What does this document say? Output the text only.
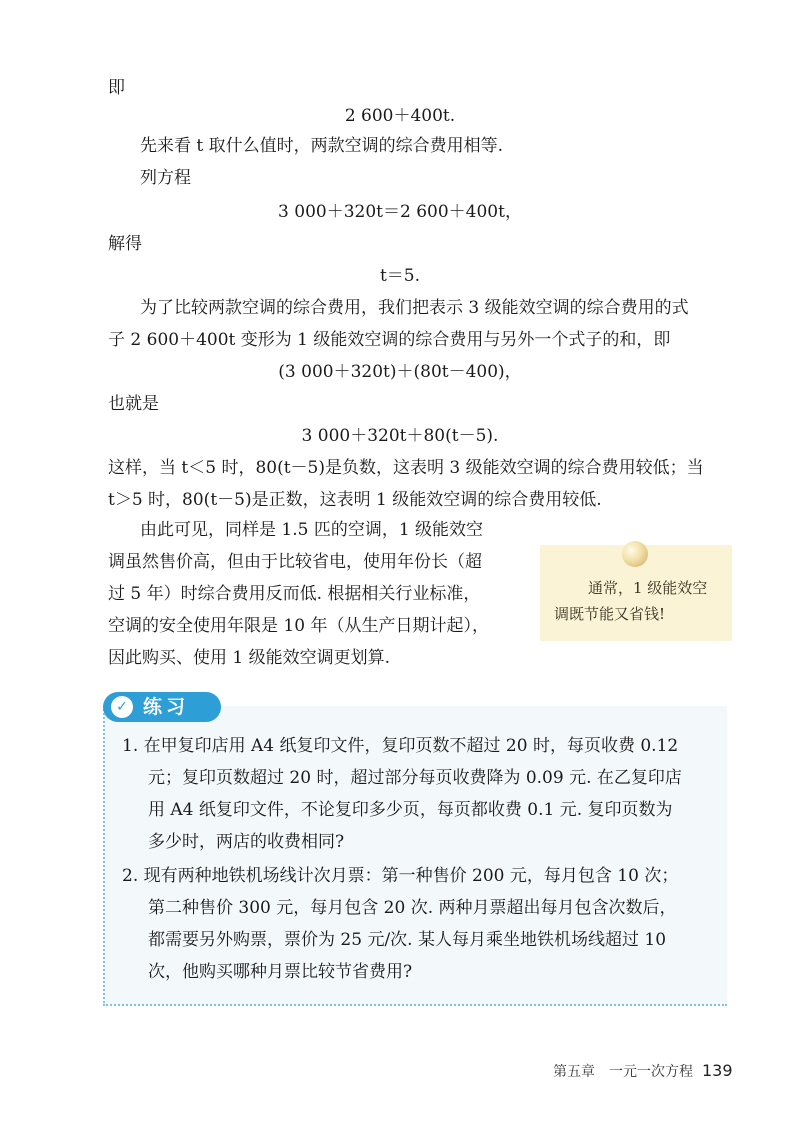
即
2 600＋400t.
先来看 t 取什么值时，两款空调的综合费用相等.
列方程
3 000＋320t＝2 600＋400t，
解得
t＝5.
为了比较两款空调的综合费用，我们把表示 3 级能效空调的综合费用的式
子 2 600＋400t 变形为 1 级能效空调的综合费用与另外一个式子的和，即
(3 000＋320t)＋(80t－400)，
也就是
3 000＋320t＋80(t－5).
这样，当 t＜5 时，80(t－5)是负数，这表明 3 级能效空调的综合费用较低；当
t＞5 时，80(t－5)是正数，这表明 1 级能效空调的综合费用较低.
由此可见，同样是 1.5 匹的空调，1 级能效空
调虽然售价高，但由于比较省电，使用年份长（超
过 5 年）时综合费用反而低. 根据相关行业标准，
空调的安全使用年限是 10 年（从生产日期计起），
因此购买、使用 1 级能效空调更划算.
通常，1 级能效空
调既节能又省钱!
1. 在甲复印店用 A4 纸复印文件，复印页数不超过 20 时，每页收费 0.12
元；复印页数超过 20 时，超过部分每页收费降为 0.09 元. 在乙复印店
用 A4 纸复印文件，不论复印多少页，每页都收费 0.1 元. 复印页数为
多少时，两店的收费相同?
2. 现有两种地铁机场线计次月票：第一种售价 200 元，每月包含 10 次；
第二种售价 300 元，每月包含 20 次. 两种月票超出每月包含次数后，
都需要另外购票，票价为 25 元/次. 某人每月乘坐地铁机场线超过 10
次，他购买哪种月票比较节省费用?
✓ 练习
第五章　一元一次方程 139
